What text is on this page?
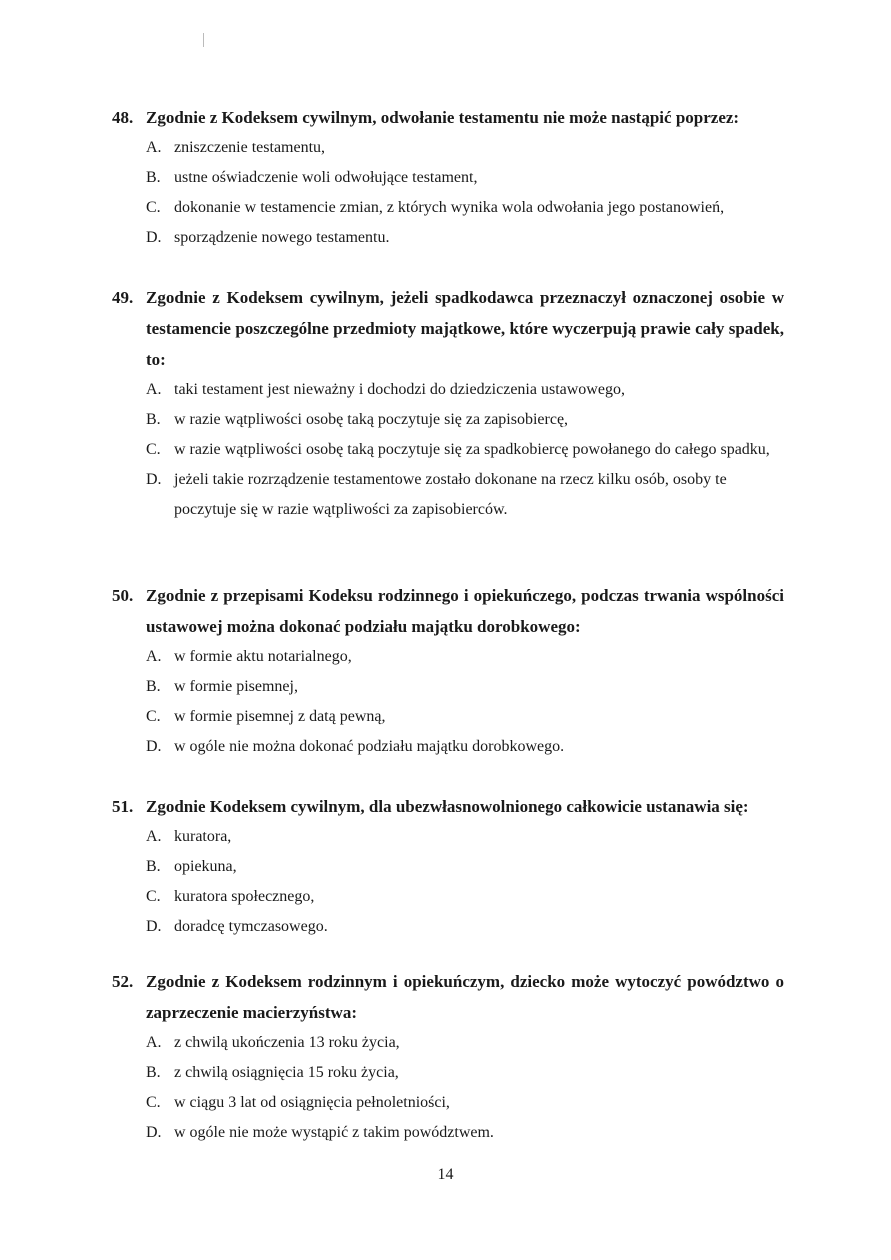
48. Zgodnie z Kodeksem cywilnym, odwołanie testamentu nie może nastąpić poprzez:
A. zniszczenie testamentu,
B. ustne oświadczenie woli odwołujące testament,
C. dokonanie w testamencie zmian, z których wynika wola odwołania jego postanowień,
D. sporządzenie nowego testamentu.
49. Zgodnie z Kodeksem cywilnym, jeżeli spadkodawca przeznaczył oznaczonej osobie w testamencie poszczególne przedmioty majątkowe, które wyczerpują prawie cały spadek, to:
A. taki testament jest nieważny i dochodzi do dziedziczenia ustawowego,
B. w razie wątpliwości osobę taką poczytuje się za zapisobiercę,
C. w razie wątpliwości osobę taką poczytuje się za spadkobiercę powołanego do całego spadku,
D. jeżeli takie rozrządzenie testamentowe zostało dokonane na rzecz kilku osób, osoby te poczytuje się w razie wątpliwości za zapisobierców.
50. Zgodnie z przepisami Kodeksu rodzinnego i opiekuńczego, podczas trwania wspólności ustawowej można dokonać podziału majątku dorobkowego:
A. w formie aktu notarialnego,
B. w formie pisemnej,
C. w formie pisemnej z datą pewną,
D. w ogóle nie można dokonać podziału majątku dorobkowego.
51. Zgodnie Kodeksem cywilnym, dla ubezwłasnowolnionego całkowicie ustanawia się:
A. kuratora,
B. opiekuna,
C. kuratora społecznego,
D. doradcę tymczasowego.
52. Zgodnie z Kodeksem rodzinnym i opiekuńczym, dziecko może wytoczyć powództwo o zaprzeczenie macierzyństwa:
A. z chwilą ukończenia 13 roku życia,
B. z chwilą osiągnięcia 15 roku życia,
C. w ciągu 3 lat od osiągnięcia pełnoletniości,
D. w ogóle nie może wystąpić z takim powództwem.
14
